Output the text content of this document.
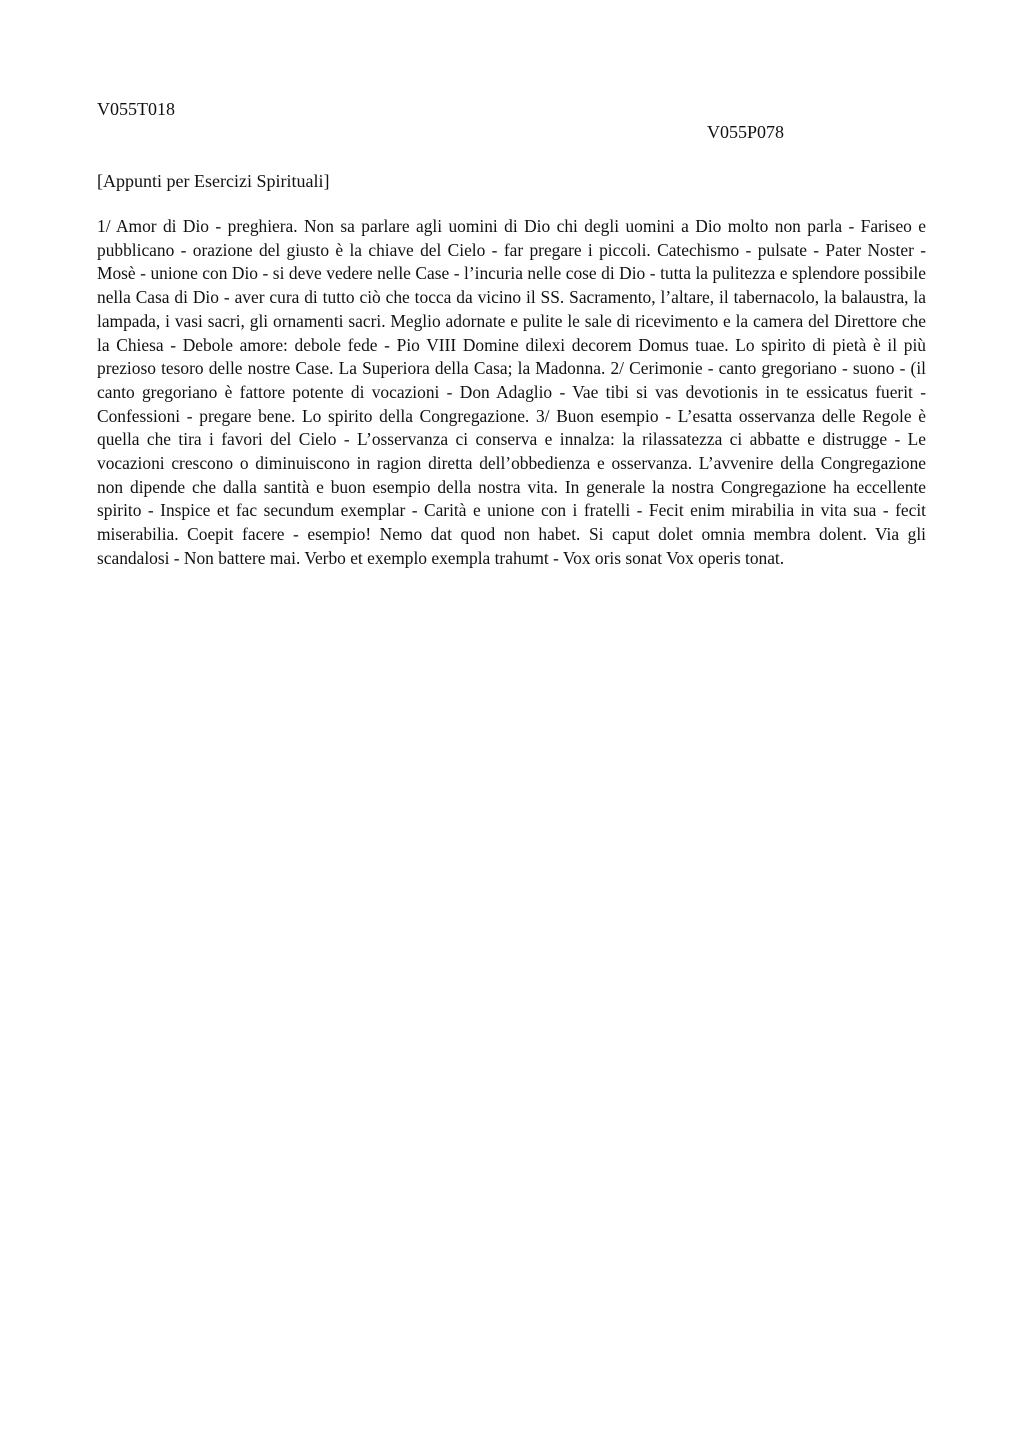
V055T018
V055P078
[Appunti per Esercizi Spirituali]

1/ Amor di Dio - preghiera. Non sa parlare agli uomini di Dio chi degli uomini a Dio molto non parla - Fariseo e pubblicano - orazione del giusto è la chiave del Cielo - far pregare i piccoli. Catechismo - pulsate - Pater Noster - Mosè - unione con Dio - si deve vedere nelle Case - l’incuria nelle cose di Dio - tutta la pulitezza e splendore possibile nella Casa di Dio - aver cura di tutto ciò che tocca da vicino il SS. Sacramento, l’altare, il tabernacolo, la balaustra, la lampada, i vasi sacri, gli ornamenti sacri. Meglio adornate e pulite le sale di ricevimento e la camera del Direttore che la Chiesa - Debole amore: debole fede - Pio VIII Domine dilexi decorem Domus tuae. Lo spirito di pietà è il più prezioso tesoro delle nostre Case. La Superiora della Casa; la Madonna. 2/ Cerimonie - canto gregoriano - suono - (il canto gregoriano è fattore potente di vocazioni - Don Adaglio - Vae tibi si vas devotionis in te essicatus fuerit - Confessioni - pregare bene. Lo spirito della Congregazione. 3/ Buon esempio - L’esatta osservanza delle Regole è quella che tira i favori del Cielo - L’osservanza ci conserva e innalza: la rilassatezza ci abbatte e distrugge - Le vocazioni crescono o diminuiscono in ragion diretta dell’obbedienza e osservanza. L’avvenire della Congregazione non dipende che dalla santità e buon esempio della nostra vita. In generale la nostra Congregazione ha eccellente spirito - Inspice et fac secundum exemplar - Carità e unione con i fratelli - Fecit enim mirabilia in vita sua - fecit miserabilia. Coepit facere - esempio! Nemo dat quod non habet. Si caput dolet omnia membra dolent. Via gli scandalosi - Non battere mai. Verbo et exemplo exempla trahumt - Vox oris sonat Vox operis tonat.
